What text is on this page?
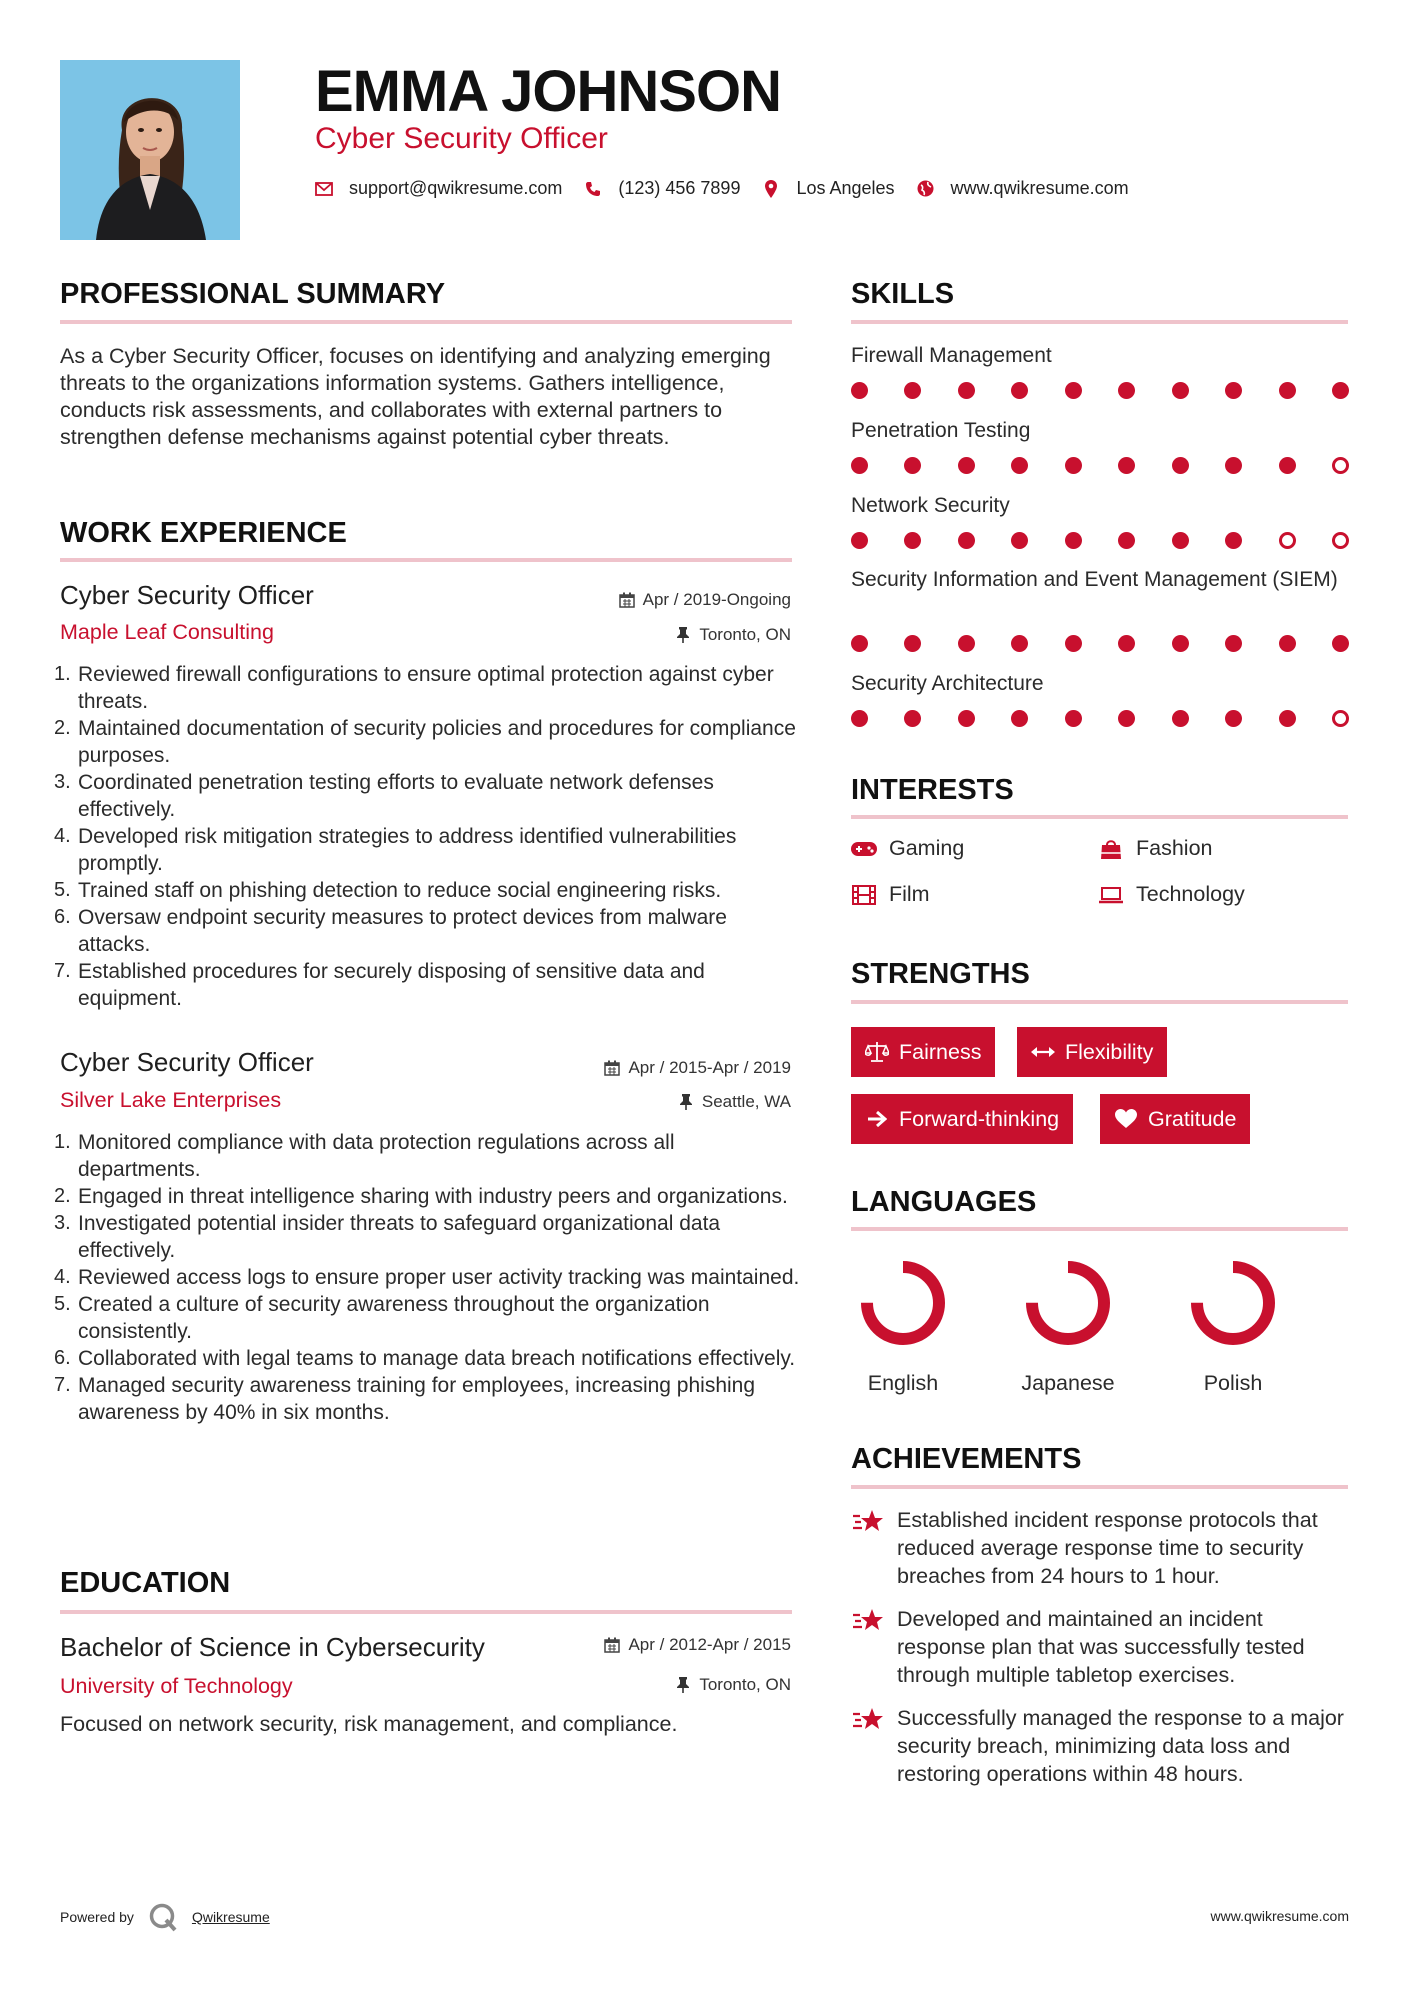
EMMA JOHNSON
Cyber Security Officer
support@qwikresume.com	(123) 456 7899	Los Angeles	www.qwikresume.com
PROFESSIONAL SUMMARY
As a Cyber Security Officer, focuses on identifying and analyzing emerging threats to the organizations information systems. Gathers intelligence, conducts risk assessments, and collaborates with external partners to strengthen defense mechanisms against potential cyber threats.
WORK EXPERIENCE
Cyber Security Officer	Apr / 2019-Ongoing
Maple Leaf Consulting	Toronto, ON
Reviewed firewall configurations to ensure optimal protection against cyber threats.
Maintained documentation of security policies and procedures for compliance purposes.
Coordinated penetration testing efforts to evaluate network defenses effectively.
Developed risk mitigation strategies to address identified vulnerabilities promptly.
Trained staff on phishing detection to reduce social engineering risks.
Oversaw endpoint security measures to protect devices from malware attacks.
Established procedures for securely disposing of sensitive data and equipment.
Cyber Security Officer	Apr / 2015-Apr / 2019
Silver Lake Enterprises	Seattle, WA
Monitored compliance with data protection regulations across all departments.
Engaged in threat intelligence sharing with industry peers and organizations.
Investigated potential insider threats to safeguard organizational data effectively.
Reviewed access logs to ensure proper user activity tracking was maintained.
Created a culture of security awareness throughout the organization consistently.
Collaborated with legal teams to manage data breach notifications effectively.
Managed security awareness training for employees, increasing phishing awareness by 40% in six months.
EDUCATION
Bachelor of Science in Cybersecurity	Apr / 2012-Apr / 2015
University of Technology	Toronto, ON
Focused on network security, risk management, and compliance.
SKILLS
Firewall Management
Penetration Testing
Network Security
Security Information and Event Management (SIEM)
Security Architecture
INTERESTS
Gaming	Fashion
Film	Technology
STRENGTHS
Fairness	Flexibility
Forward-thinking	Gratitude
LANGUAGES
English	Japanese	Polish
ACHIEVEMENTS
Established incident response protocols that reduced average response time to security breaches from 24 hours to 1 hour.
Developed and maintained an incident response plan that was successfully tested through multiple tabletop exercises.
Successfully managed the response to a major security breach, minimizing data loss and restoring operations within 48 hours.
Powered by	Qwikresume	www.qwikresume.com
